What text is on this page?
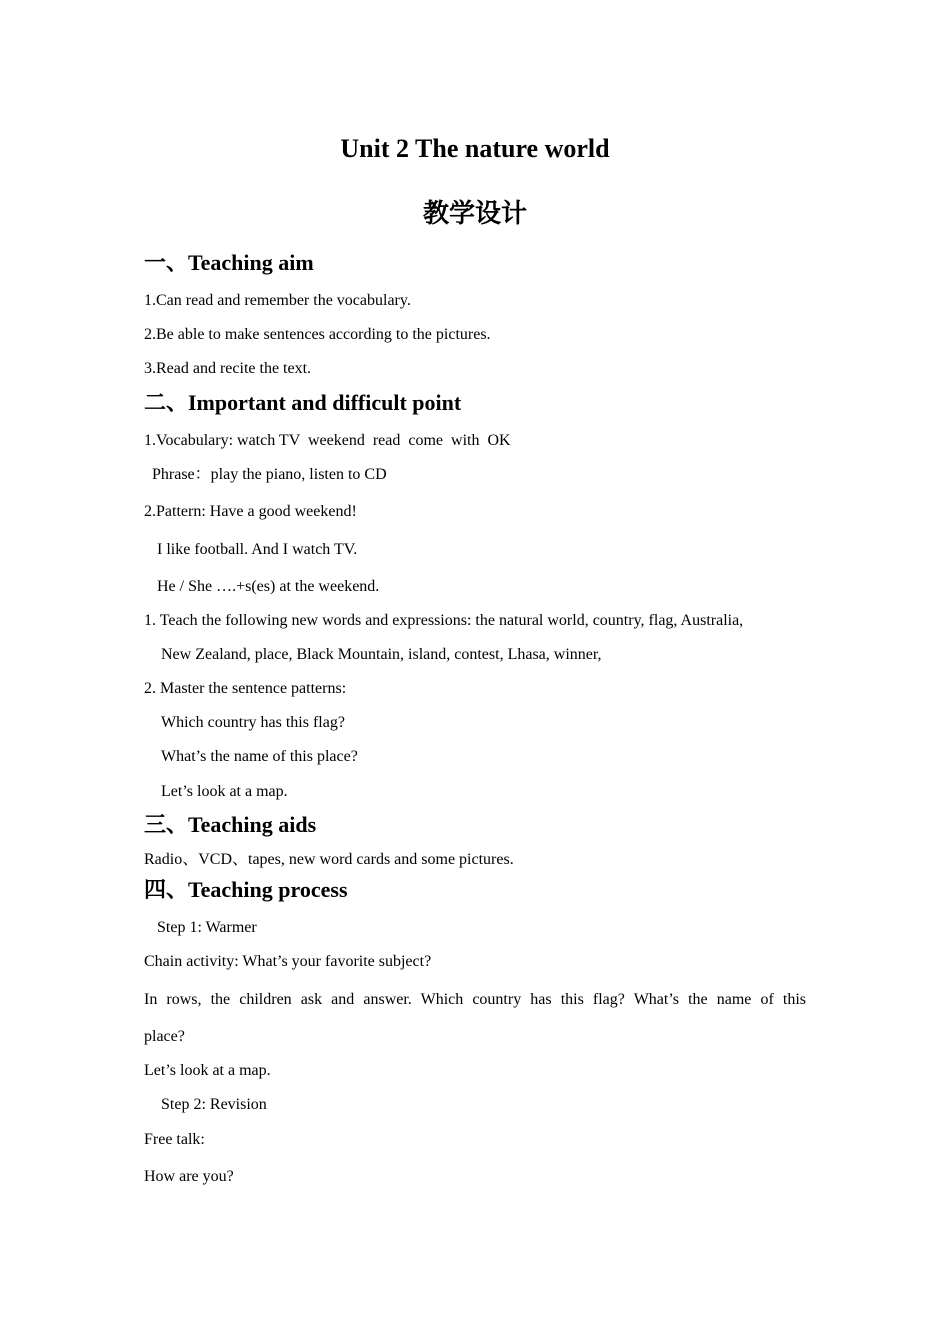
Unit 2 The nature world

教学设计

一、Teaching aim

1.Can read and remember the vocabulary.

2.Be able to make sentences according to the pictures.

3.Read and recite the text.

二、Important and difficult point

1.Vocabulary: watch TV  weekend  read  come  with  OK

Phrase：play the piano, listen to CD

2.Pattern: Have a good weekend!

I like football. And I watch TV.

He / She ….+s(es) at the weekend.

1. Teach the following new words and expressions: the natural world, country, flag, Australia,

New Zealand, place, Black Mountain, island, contest, Lhasa, winner,

2. Master the sentence patterns:

Which country has this flag?

What’s the name of this place?

Let’s look at a map.

三、Teaching aids

Radio、VCD、tapes, new word cards and some pictures.

四、Teaching process

Step 1: Warmer

Chain activity: What’s your favorite subject?

In rows, the children ask and answer. Which country has this flag? What’s the name of this

place?

Let’s look at a map.

Step 2: Revision

Free talk:

How are you?
